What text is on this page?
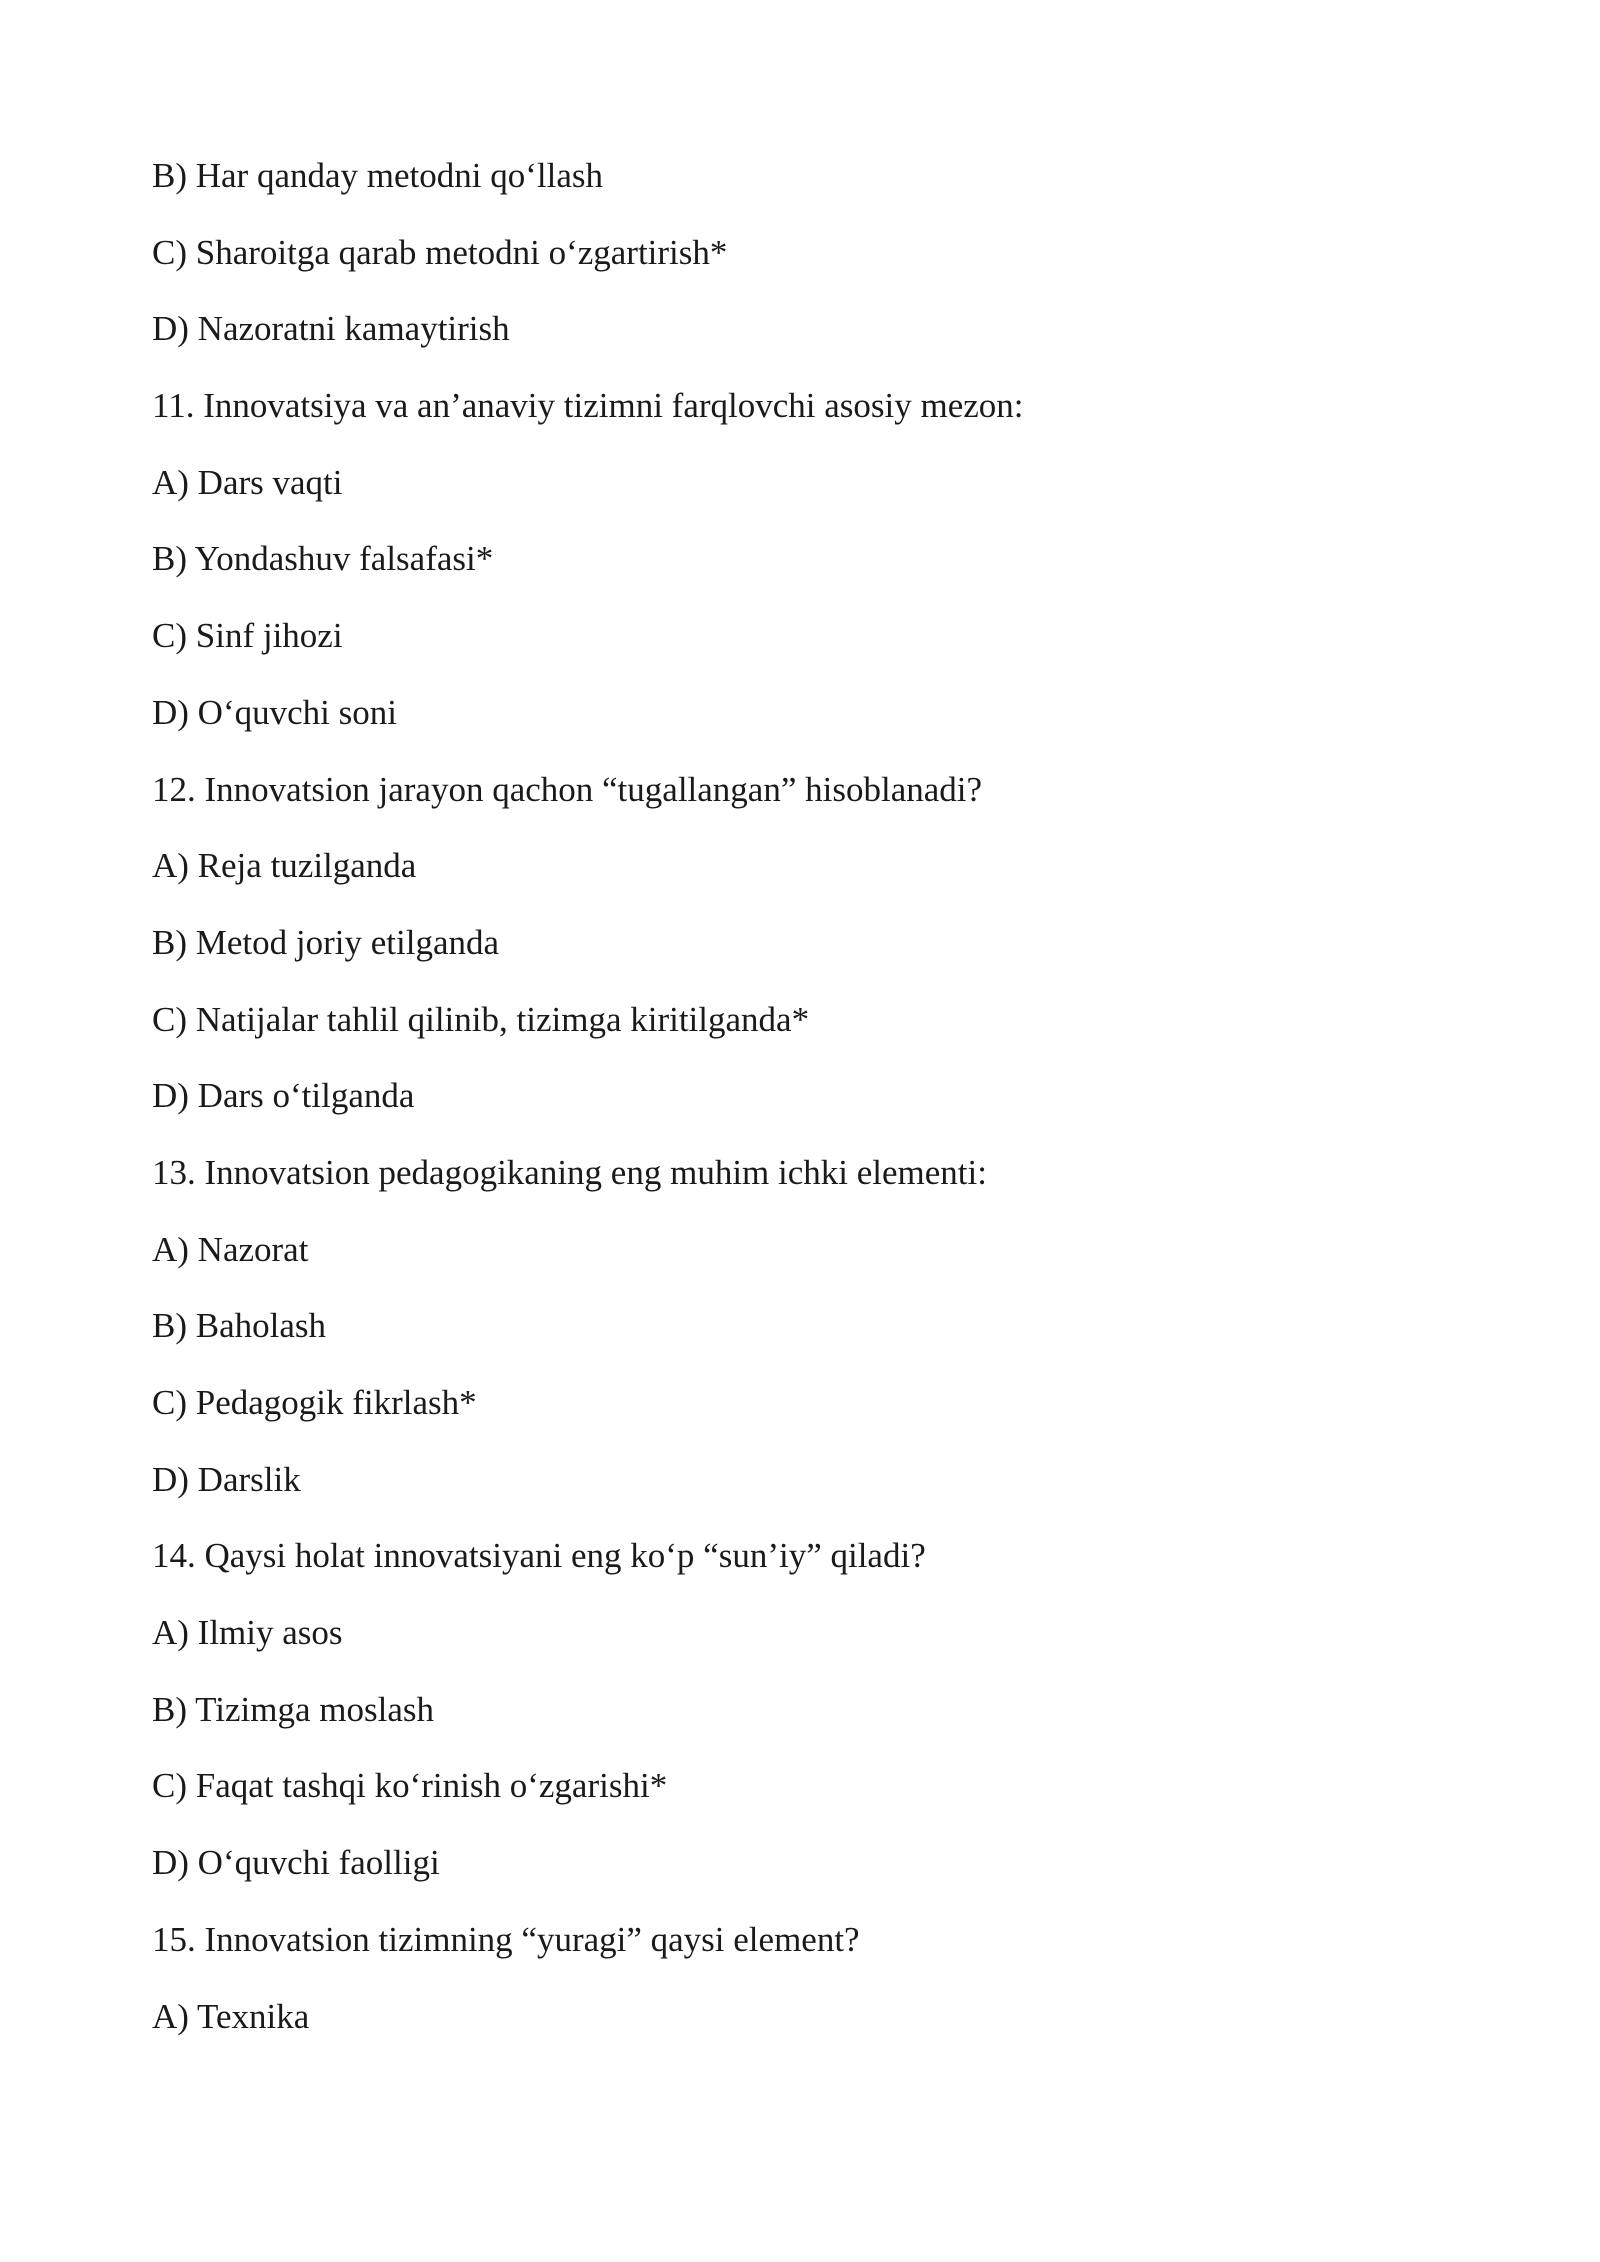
B) Har qanday metodni qo‘llash
C) Sharoitga qarab metodni o‘zgartirish*
D) Nazoratni kamaytirish
11. Innovatsiya va an’anaviy tizimni farqlovchi asosiy mezon:
A) Dars vaqti
B) Yondashuv falsafasi*
C) Sinf jihozi
D) O‘quvchi soni
12. Innovatsion jarayon qachon “tugallangan” hisoblanadi?
A) Reja tuzilganda
B) Metod joriy etilganda
C) Natijalar tahlil qilinib, tizimga kiritilganda*
D) Dars o‘tilganda
13. Innovatsion pedagogikaning eng muhim ichki elementi:
A) Nazorat
B) Baholash
C) Pedagogik fikrlash*
D) Darslik
14. Qaysi holat innovatsiyani eng ko‘p “sun’iy” qiladi?
A) Ilmiy asos
B) Tizimga moslash
C) Faqat tashqi ko‘rinish o‘zgarishi*
D) O‘quvchi faolligi
15. Innovatsion tizimning “yuragi” qaysi element?
A) Texnika
